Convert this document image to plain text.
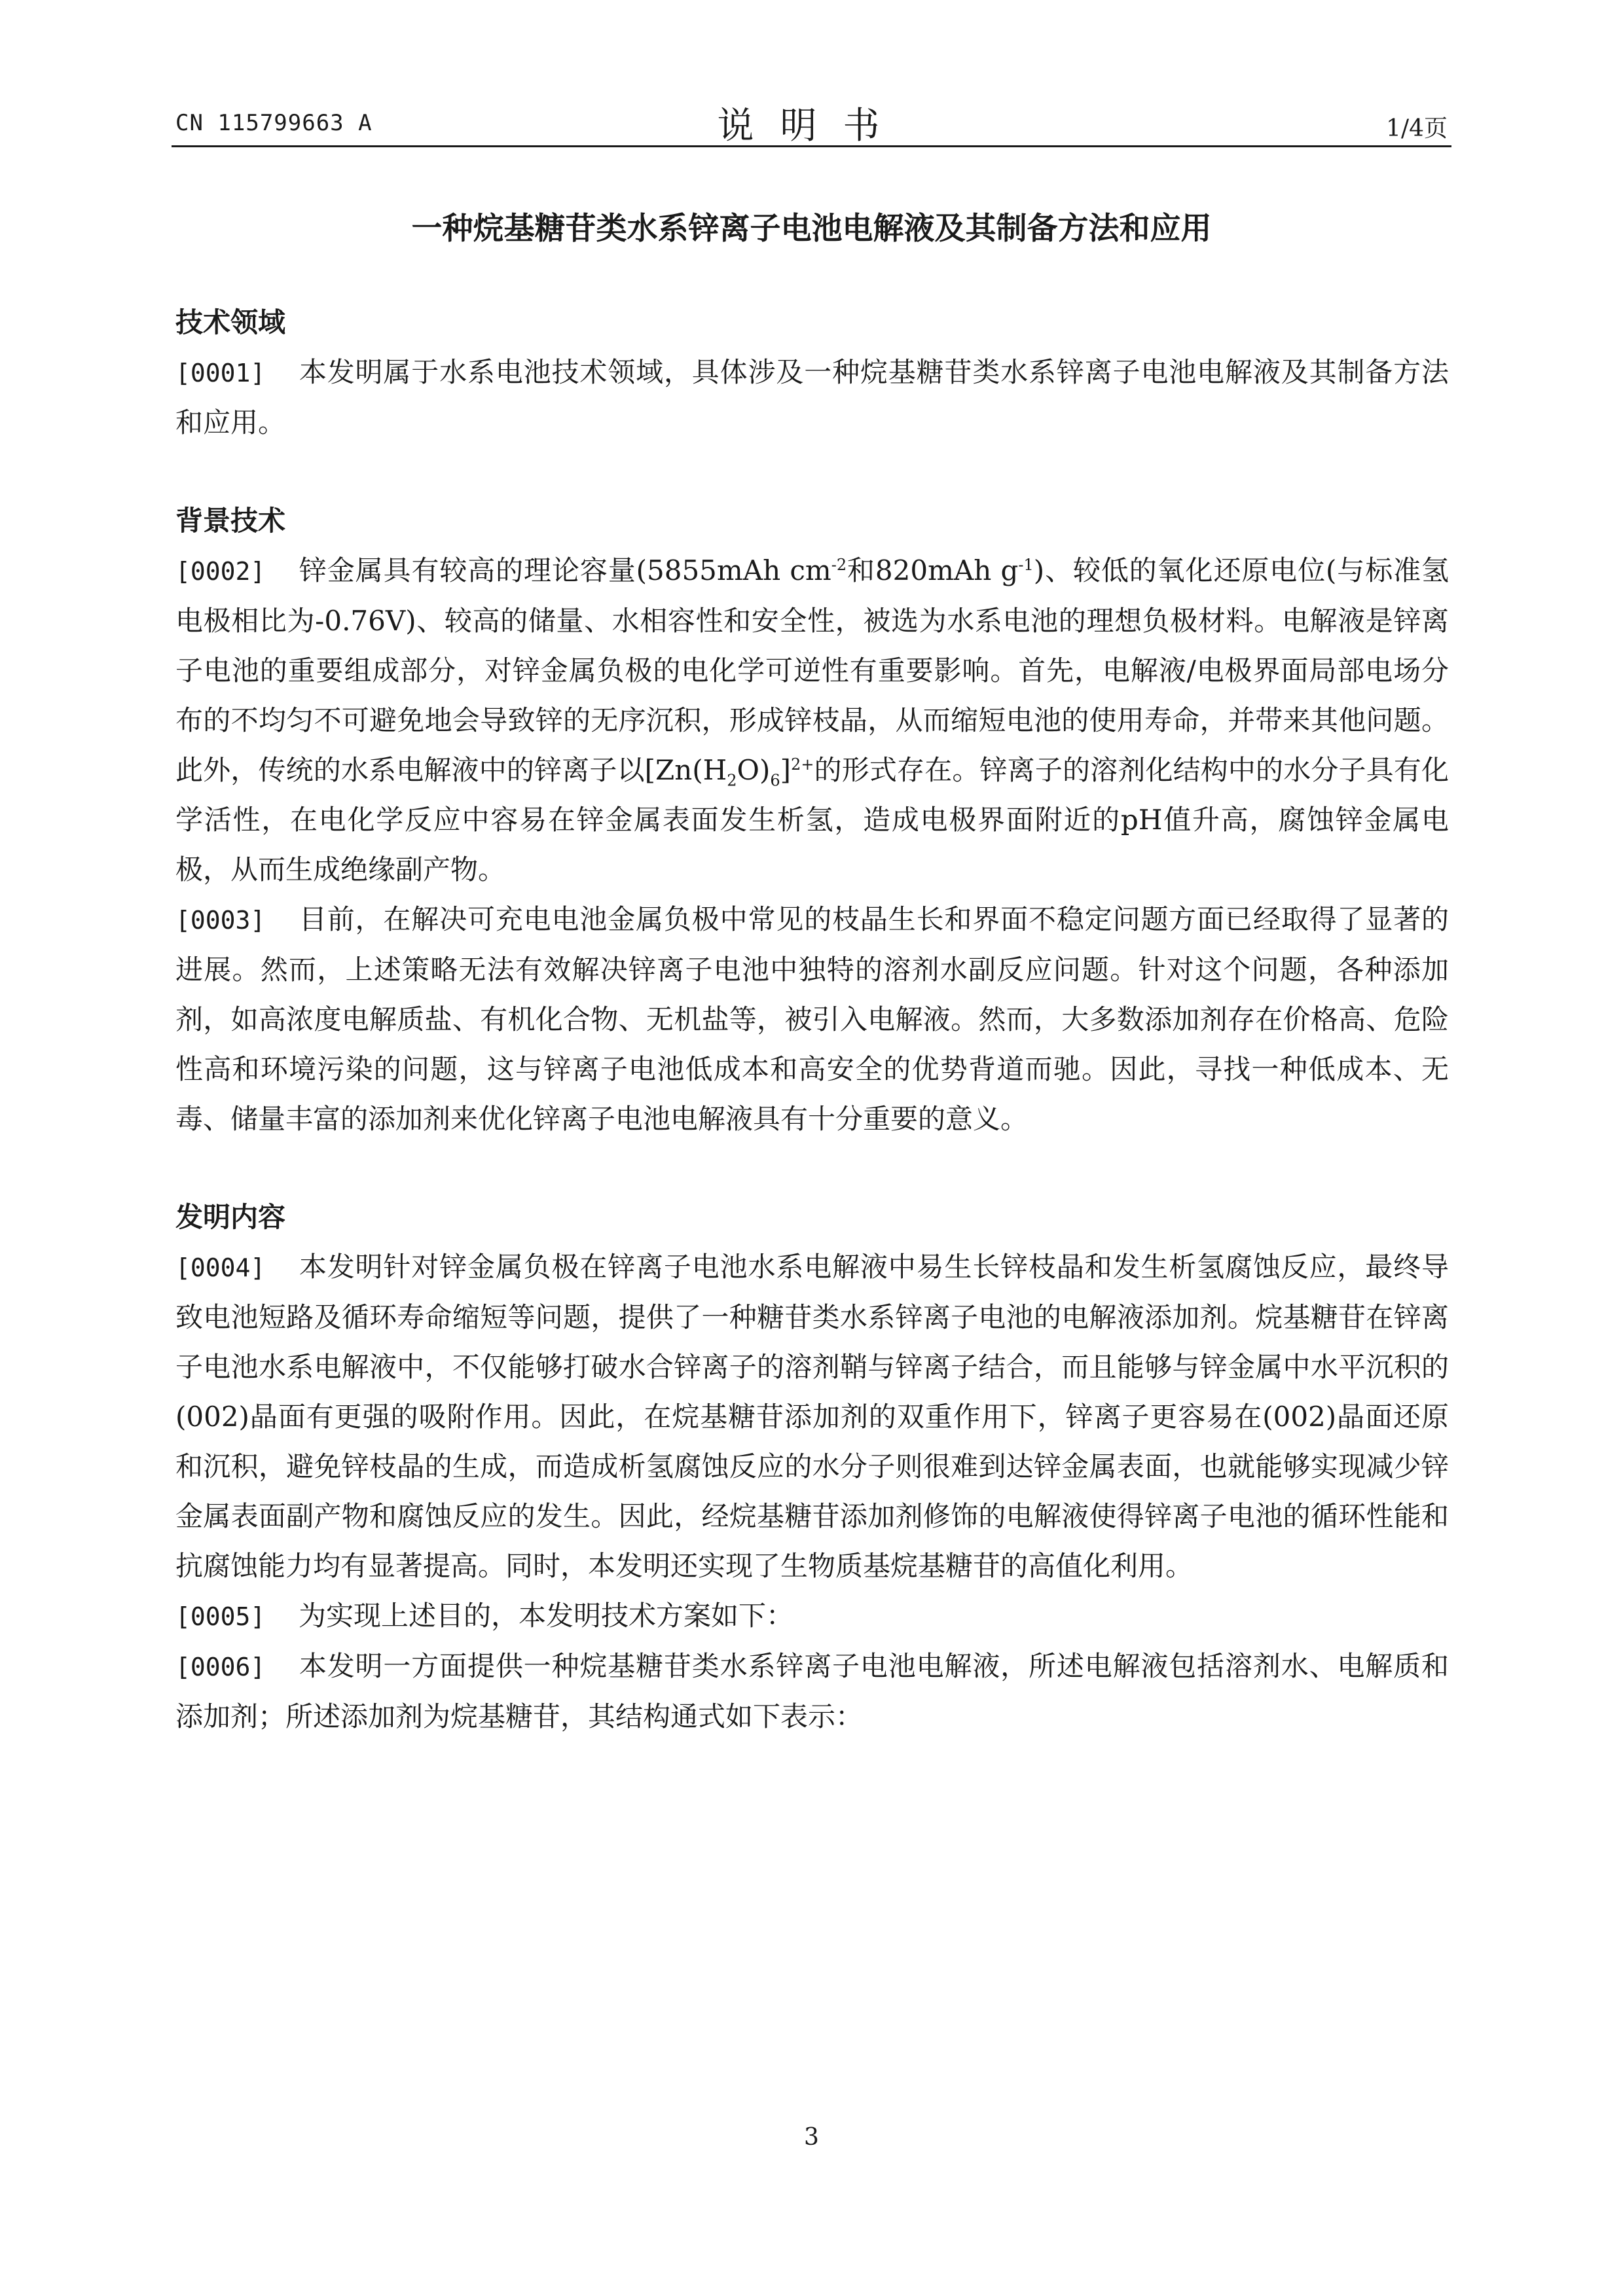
CN 115799663 A	说明书	1/4页
一种烷基糖苷类水系锌离子电池电解液及其制备方法和应用
技术领域
[0001] 本发明属于水系电池技术领域，具体涉及一种烷基糖苷类水系锌离子电池电解液及其制备方法和应用。
背景技术
[0002] 锌金属具有较高的理论容量(5855mAh $cm^{-2}$和820mAh $g^{-1}$)、较低的氧化还原电位(与标准氢电极相比为-0.76V)、较高的储量、水相容性和安全性，被选为水系电池的理想负极材料。电解液是锌离子电池的重要组成部分，对锌金属负极的电化学可逆性有重要影响。首先，电解液/电极界面局部电场分布的不均匀不可避免地会导致锌的无序沉积，形成锌枝晶，从而缩短电池的使用寿命，并带来其他问题。此外，传统的水系电解液中的锌离子以$[Zn(H_2O)_6]^{2+}$的形式存在。锌离子的溶剂化结构中的水分子具有化学活性，在电化学反应中容易在锌金属表面发生析氢，造成电极界面附近的pH值升高，腐蚀锌金属电极，从而生成绝缘副产物。
[0003] 目前，在解决可充电电池金属负极中常见的枝晶生长和界面不稳定问题方面已经取得了显著的进展。然而，上述策略无法有效解决锌离子电池中独特的溶剂水副反应问题。针对这个问题，各种添加剂，如高浓度电解质盐、有机化合物、无机盐等，被引入电解液。然而，大多数添加剂存在价格高、危险性高和环境污染的问题，这与锌离子电池低成本和高安全的优势背道而驰。因此，寻找一种低成本、无毒、储量丰富的添加剂来优化锌离子电池电解液具有十分重要的意义。
发明内容
[0004] 本发明针对锌金属负极在锌离子电池水系电解液中易生长锌枝晶和发生析氢腐蚀反应，最终导致电池短路及循环寿命缩短等问题，提供了一种糖苷类水系锌离子电池的电解液添加剂。烷基糖苷在锌离子电池水系电解液中，不仅能够打破水合锌离子的溶剂鞘与锌离子结合，而且能够与锌金属中水平沉积的(002)晶面有更强的吸附作用。因此，在烷基糖苷添加剂的双重作用下，锌离子更容易在(002)晶面还原和沉积，避免锌枝晶的生成，而造成析氢腐蚀反应的水分子则很难到达锌金属表面，也就能够实现减少锌金属表面副产物和腐蚀反应的发生。因此，经烷基糖苷添加剂修饰的电解液使得锌离子电池的循环性能和抗腐蚀能力均有显著提高。同时，本发明还实现了生物质基烷基糖苷的高值化利用。
[0005] 为实现上述目的，本发明技术方案如下：
[0006] 本发明一方面提供一种烷基糖苷类水系锌离子电池电解液，所述电解液包括溶剂水、电解质和添加剂；所述添加剂为烷基糖苷，其结构通式如下表示：
3
